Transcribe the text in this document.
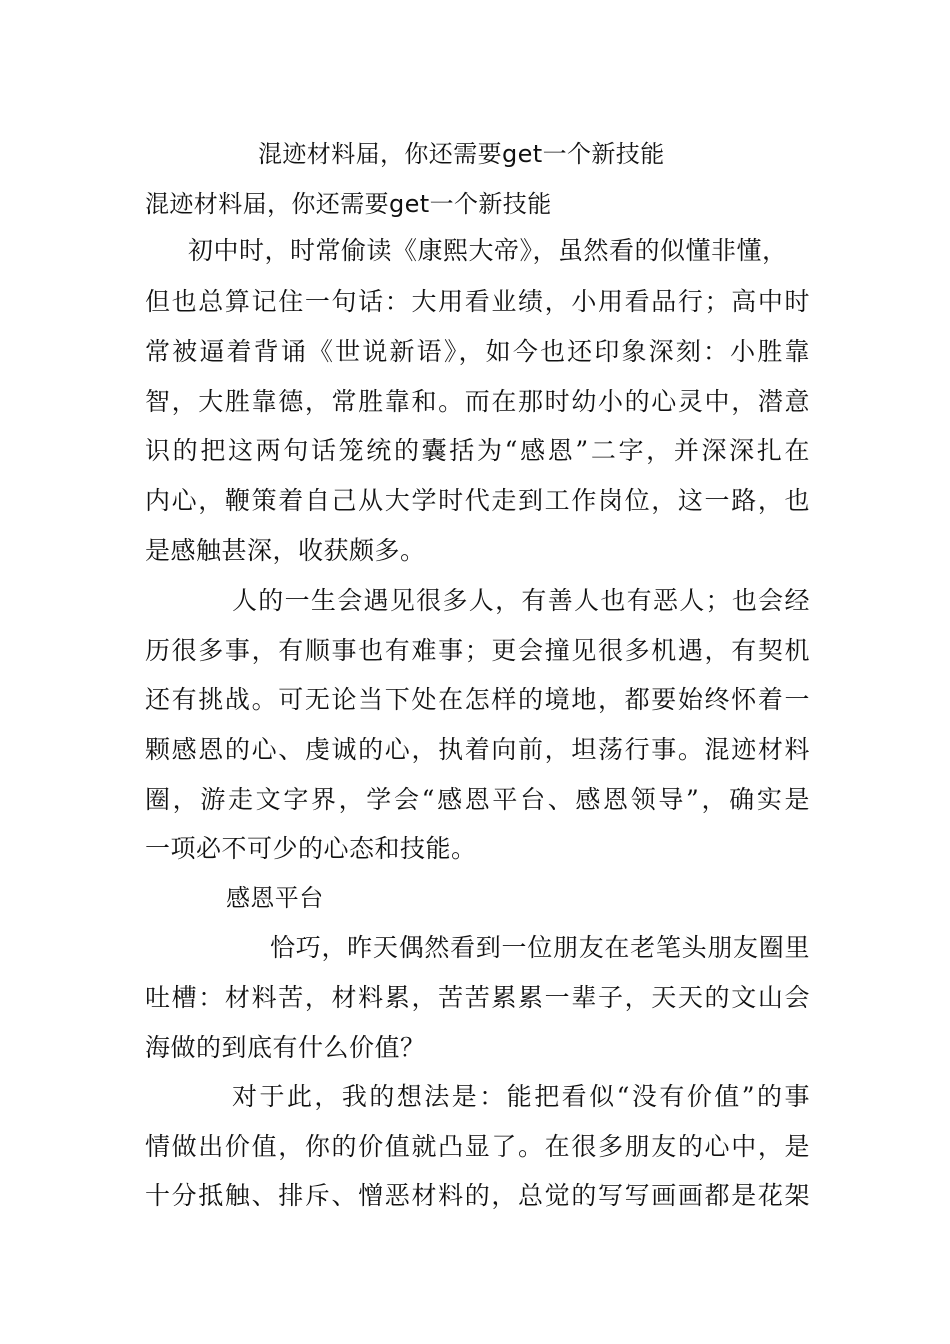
混迹材料届，你还需要get一个新技能
混迹材料届，你还需要get一个新技能
初中时，时常偷读《康熙大帝》，虽然看的似懂非懂，
但也总算记住一句话：大用看业绩，小用看品行；高中时
常被逼着背诵《世说新语》，如今也还印象深刻：小胜靠
智，大胜靠德，常胜靠和。而在那时幼小的心灵中，潜意
识的把这两句话笼统的囊括为“感恩”二字，并深深扎在
内心，鞭策着自己从大学时代走到工作岗位，这一路，也
是感触甚深，收获颇多。
人的一生会遇见很多人，有善人也有恶人；也会经
历很多事，有顺事也有难事；更会撞见很多机遇，有契机
还有挑战。可无论当下处在怎样的境地，都要始终怀着一
颗感恩的心、虔诚的心，执着向前，坦荡行事。混迹材料
圈，游走文字界，学会“感恩平台、感恩领导”，确实是
一项必不可少的心态和技能。
感恩平台
恰巧，昨天偶然看到一位朋友在老笔头朋友圈里
吐槽：材料苦，材料累，苦苦累累一辈子，天天的文山会
海做的到底有什么价值？
对于此，我的想法是：能把看似“没有价值”的事
情做出价值，你的价值就凸显了。在很多朋友的心中，是
十分抵触、排斥、憎恶材料的，总觉的写写画画都是花架
